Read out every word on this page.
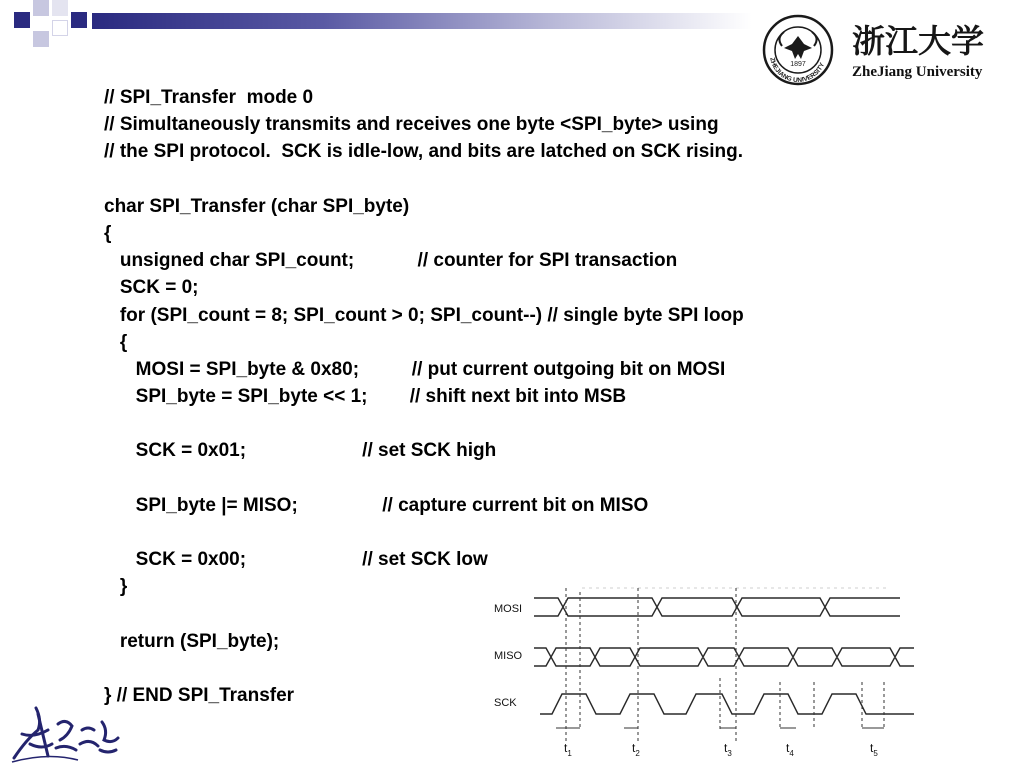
ZHEJIANG UNIVERSITY
1897
浙江大学
ZheJiang University
// SPI_Transfer  mode 0
// Simultaneously transmits and receives one byte <SPI_byte> using
// the SPI protocol.  SCK is idle-low, and bits are latched on SCK rising.
char SPI_Transfer (char SPI_byte)
{
unsigned char SPI_count;            // counter for SPI transaction
SCK = 0;
for (SPI_count = 8; SPI_count > 0; SPI_count--) // single byte SPI loop
{
MOSI = SPI_byte & 0x80;          // put current outgoing bit on MOSI
SPI_byte = SPI_byte << 1;        // shift next bit into MSB
SCK = 0x01;                      // set SCK high
SPI_byte |= MISO;                // capture current bit on MISO
SCK = 0x00;                      // set SCK low
}
return (SPI_byte);
} // END SPI_Transfer
MOSI
MISO
SCK
$t_1$	$t_2$	$t_3$	$t_4$	$t_5$
